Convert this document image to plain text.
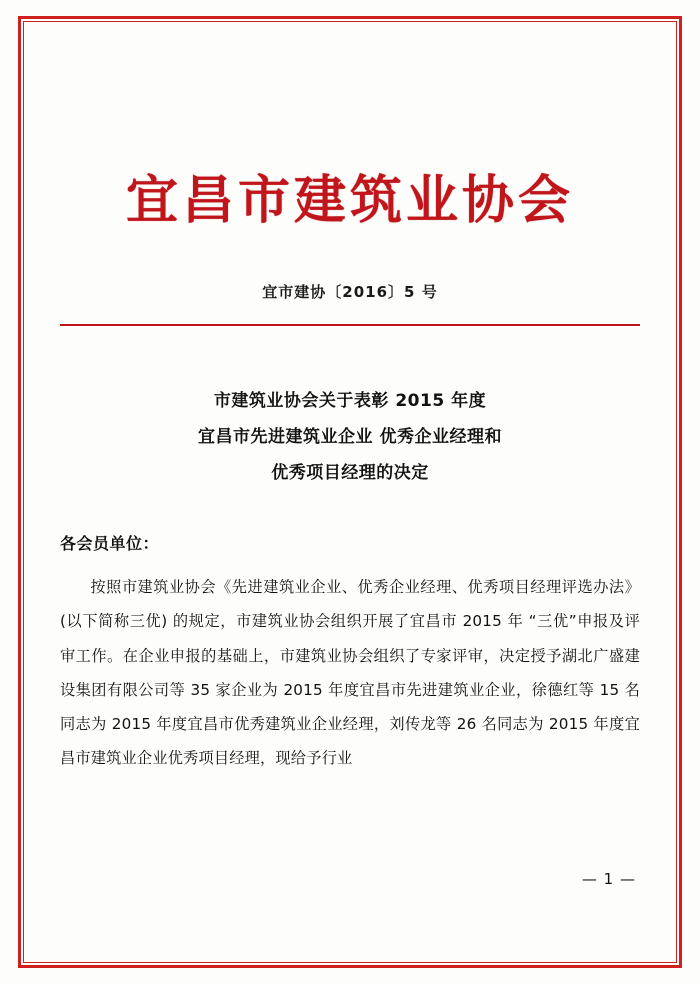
宜昌市建筑业协会
宜市建协〔2016〕5 号
市建筑业协会关于表彰 2015 年度
宜昌市先进建筑业企业 优秀企业经理和
优秀项目经理的决定
各会员单位：
按照市建筑业协会《先进建筑业企业、优秀企业经理、优秀项目经理评选办法》(以下简称三优) 的规定，市建筑业协会组织开展了宜昌市 2015 年 “三优”申报及评审工作。在企业申报的基础上，市建筑业协会组织了专家评审，决定授予湖北广盛建设集团有限公司等 35 家企业为 2015 年度宜昌市先进建筑业企业，徐德红等 15 名同志为 2015 年度宜昌市优秀建筑业企业经理，刘传龙等 26 名同志为 2015 年度宜昌市建筑业企业优秀项目经理，现给予行业
— 1 —
